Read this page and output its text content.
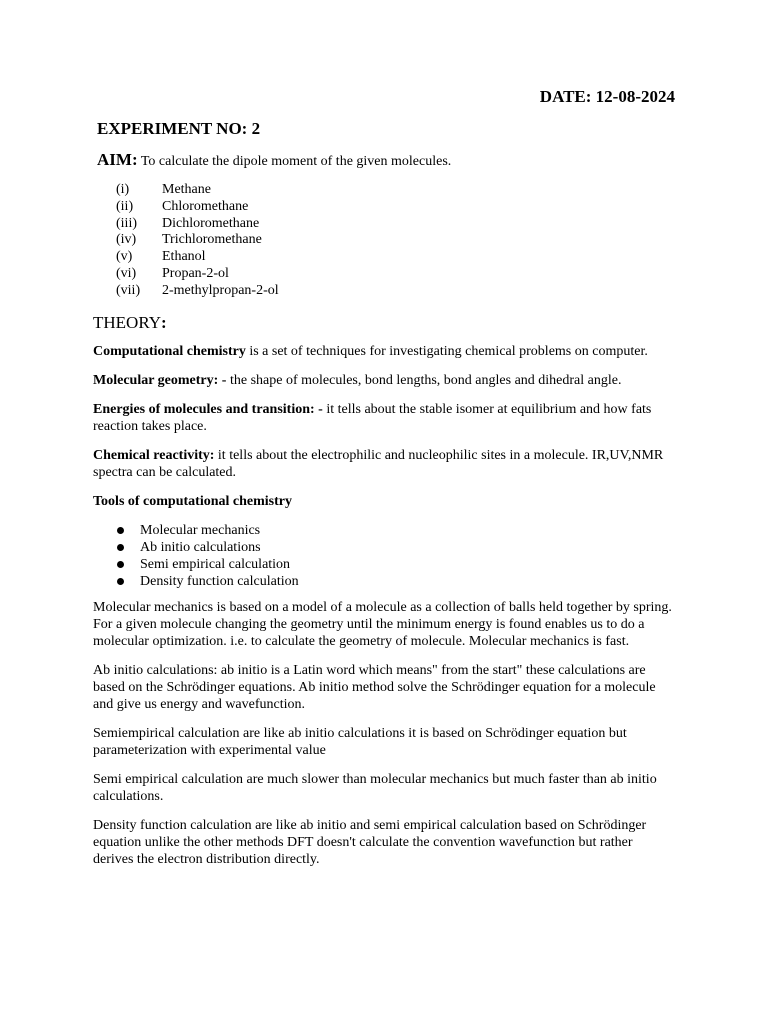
DATE: 12-08-2024
EXPERIMENT NO: 2
AIM: To calculate the dipole moment of the given molecules.
(i)	Methane
(ii)	Chloromethane
(iii)	Dichloromethane
(iv)	Trichloromethane
(v)	Ethanol
(vi)	Propan-2-ol
(vii)	2-methylpropan-2-ol
THEORY:

Computational chemistry is a set of techniques for investigating chemical problems on computer.

Molecular geometry: - the shape of molecules, bond lengths, bond angles and dihedral angle.

Energies of molecules and transition: - it tells about the stable isomer at equilibrium and how fats reaction takes place.

Chemical reactivity: it tells about the electrophilic and nucleophilic sites in a molecule. IR,UV,NMR spectra can be calculated.

Tools of computational chemistry

Molecular mechanics
Ab initio calculations
Semi empirical calculation
Density function calculation

Molecular mechanics is based on a model of a molecule as a collection of balls held together by spring. For a given molecule changing the geometry until the minimum energy is found enables us to do a molecular optimization. i.e. to calculate the geometry of molecule. Molecular mechanics is fast.

Ab initio calculations: ab initio is a Latin word which means" from the start" these calculations are based on the Schrödinger equations. Ab initio method solve the Schrödinger equation for a molecule and give us energy and wavefunction.

Semiempirical calculation are like ab initio calculations it is based on Schrödinger equation but parameterization with experimental value

Semi empirical calculation are much slower than molecular mechanics but much faster than ab initio calculations.

Density function calculation are like ab initio and semi empirical calculation based on Schrödinger equation unlike the other methods DFT doesn't calculate the convention wavefunction but rather derives the electron distribution directly.
